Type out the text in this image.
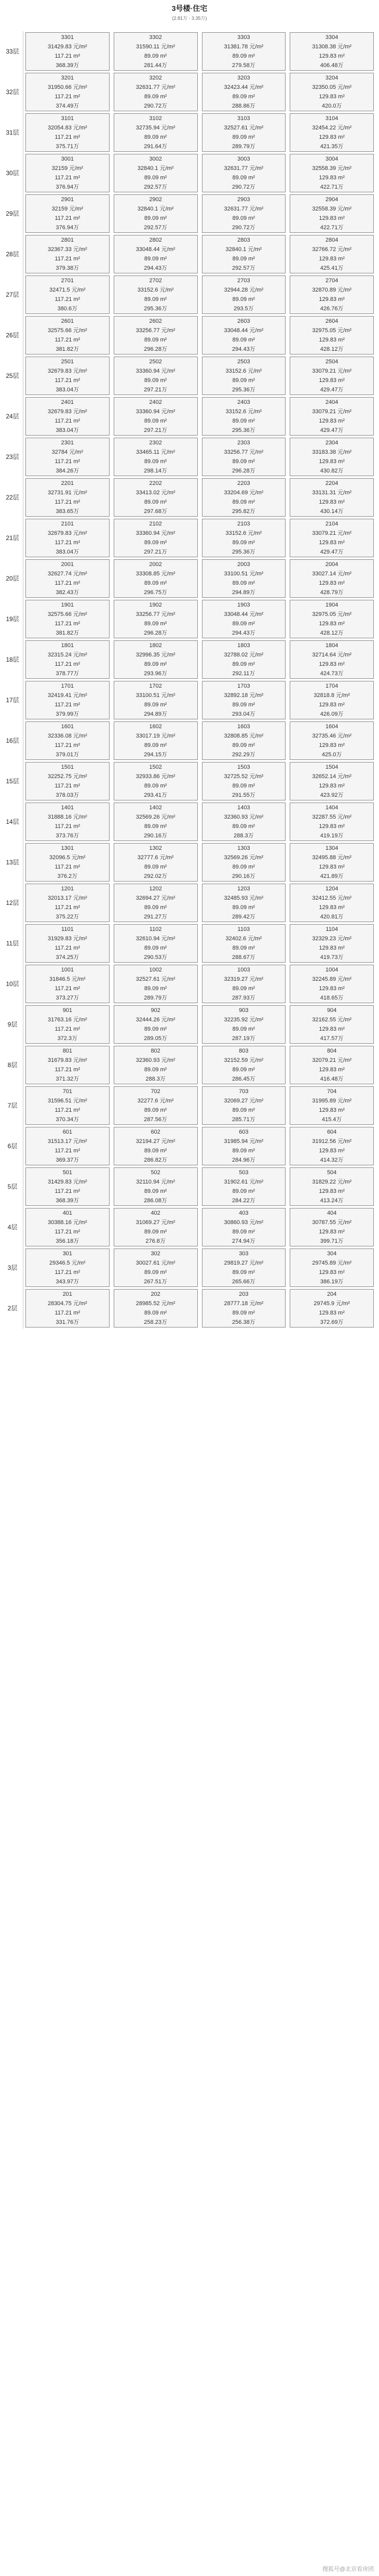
3号楼·住宅
(2.81万 - 3.35万)
33层
3301
31429.83 元/m²
117.21 m²
368.39万
3302
31590.11 元/m²
89.09 m²
281.44万
3303
31381.78 元/m²
89.09 m²
279.58万
3304
31308.38 元/m²
129.83 m²
406.48万
32层
3201
31950.66 元/m²
117.21 m²
374.49万
3202
32631.77 元/m²
89.09 m²
290.72万
3203
32423.44 元/m²
89.09 m²
288.86万
3204
32350.05 元/m²
129.83 m²
420.0万
31层
3101
32054.83 元/m²
117.21 m²
375.71万
3102
32735.94 元/m²
89.09 m²
291.64万
3103
32527.61 元/m²
89.09 m²
289.79万
3104
32454.22 元/m²
129.83 m²
421.35万
30层
3001
32159 元/m²
117.21 m²
376.94万
3002
32840.1 元/m²
89.09 m²
292.57万
3003
32631.77 元/m²
89.09 m²
290.72万
3004
32558.39 元/m²
129.83 m²
422.71万
29层
2901
32159 元/m²
117.21 m²
376.94万
2902
32840.1 元/m²
89.09 m²
292.57万
2903
32631.77 元/m²
89.09 m²
290.72万
2904
32558.39 元/m²
129.83 m²
422.71万
28层
2801
32367.33 元/m²
117.21 m²
379.38万
2802
33048.44 元/m²
89.09 m²
294.43万
2803
32840.1 元/m²
89.09 m²
292.57万
2804
32766.72 元/m²
129.83 m²
425.41万
27层
2701
32471.5 元/m²
117.21 m²
380.6万
2702
33152.6 元/m²
89.09 m²
295.36万
2703
32944.28 元/m²
89.09 m²
293.5万
2704
32870.89 元/m²
129.83 m²
426.76万
26层
2601
32575.66 元/m²
117.21 m²
381.82万
2602
33256.77 元/m²
89.09 m²
296.28万
2603
33048.44 元/m²
89.09 m²
294.43万
2604
32975.05 元/m²
129.83 m²
428.12万
25层
2501
32679.83 元/m²
117.21 m²
383.04万
2502
33360.94 元/m²
89.09 m²
297.21万
2503
33152.6 元/m²
89.09 m²
295.36万
2504
33079.21 元/m²
129.83 m²
429.47万
24层
2401
32679.83 元/m²
117.21 m²
383.04万
2402
33360.94 元/m²
89.09 m²
297.21万
2403
33152.6 元/m²
89.09 m²
295.36万
2404
33079.21 元/m²
129.83 m²
429.47万
23层
2301
32784 元/m²
117.21 m²
384.26万
2302
33465.11 元/m²
89.09 m²
298.14万
2303
33256.77 元/m²
89.09 m²
296.28万
2304
33183.38 元/m²
129.83 m²
430.82万
22层
2201
32731.91 元/m²
117.21 m²
383.65万
2202
33413.02 元/m²
89.09 m²
297.68万
2203
33204.69 元/m²
89.09 m²
295.82万
2204
33131.31 元/m²
129.83 m²
430.14万
21层
2101
32679.83 元/m²
117.21 m²
383.04万
2102
33360.94 元/m²
89.09 m²
297.21万
2103
33152.6 元/m²
89.09 m²
295.36万
2104
33079.21 元/m²
129.83 m²
429.47万
20层
2001
32627.74 元/m²
117.21 m²
382.43万
2002
33308.85 元/m²
89.09 m²
296.75万
2003
33100.51 元/m²
89.09 m²
294.89万
2004
33027.14 元/m²
129.83 m²
428.79万
19层
1901
32575.66 元/m²
117.21 m²
381.82万
1902
33256.77 元/m²
89.09 m²
296.28万
1903
33048.44 元/m²
89.09 m²
294.43万
1904
32975.05 元/m²
129.83 m²
428.12万
18层
1801
32315.24 元/m²
117.21 m²
378.77万
1802
32996.35 元/m²
89.09 m²
293.96万
1803
32788.02 元/m²
89.09 m²
292.11万
1804
32714.64 元/m²
129.83 m²
424.73万
17层
1701
32419.41 元/m²
117.21 m²
379.99万
1702
33100.51 元/m²
89.09 m²
294.89万
1703
32892.18 元/m²
89.09 m²
293.04万
1704
32818.8 元/m²
129.83 m²
426.09万
16层
1601
32336.08 元/m²
117.21 m²
379.01万
1602
33017.19 元/m²
89.09 m²
294.15万
1603
32808.85 元/m²
89.09 m²
292.29万
1604
32735.46 元/m²
129.83 m²
425.0万
15层
1501
32252.75 元/m²
117.21 m²
378.03万
1502
32933.86 元/m²
89.09 m²
293.41万
1503
32725.52 元/m²
89.09 m²
291.55万
1504
32652.14 元/m²
129.83 m²
423.92万
14层
1401
31888.16 元/m²
117.21 m²
373.76万
1402
32569.26 元/m²
89.09 m²
290.16万
1403
32360.93 元/m²
89.09 m²
288.3万
1404
32287.55 元/m²
129.83 m²
419.19万
13层
1301
32096.5 元/m²
117.21 m²
376.2万
1302
32777.6 元/m²
89.09 m²
292.02万
1303
32569.26 元/m²
89.09 m²
290.16万
1304
32495.88 元/m²
129.83 m²
421.89万
12层
1201
32013.17 元/m²
117.21 m²
375.22万
1202
32694.27 元/m²
89.09 m²
291.27万
1203
32485.93 元/m²
89.09 m²
289.42万
1204
32412.55 元/m²
129.83 m²
420.81万
11层
1101
31929.83 元/m²
117.21 m²
374.25万
1102
32610.94 元/m²
89.09 m²
290.53万
1103
32402.6 元/m²
89.09 m²
288.67万
1104
32329.23 元/m²
129.83 m²
419.73万
10层
1001
31846.5 元/m²
117.21 m²
373.27万
1002
32527.61 元/m²
89.09 m²
289.79万
1003
32319.27 元/m²
89.09 m²
287.93万
1004
32245.89 元/m²
129.83 m²
418.65万
9层
901
31763.16 元/m²
117.21 m²
372.3万
902
32444.26 元/m²
89.09 m²
289.05万
903
32235.92 元/m²
89.09 m²
287.19万
904
32162.55 元/m²
129.83 m²
417.57万
8层
801
31679.83 元/m²
117.21 m²
371.32万
802
32360.93 元/m²
89.09 m²
288.3万
803
32152.59 元/m²
89.09 m²
286.45万
804
32079.21 元/m²
129.83 m²
416.48万
7层
701
31596.51 元/m²
117.21 m²
370.34万
702
32277.6 元/m²
89.09 m²
287.56万
703
32069.27 元/m²
89.09 m²
285.71万
704
31995.89 元/m²
129.83 m²
415.4万
6层
601
31513.17 元/m²
117.21 m²
369.37万
602
32194.27 元/m²
89.09 m²
286.82万
603
31985.94 元/m²
89.09 m²
284.96万
604
31912.56 元/m²
129.83 m²
414.32万
5层
501
31429.83 元/m²
117.21 m²
368.39万
502
32110.94 元/m²
89.09 m²
286.08万
503
31902.61 元/m²
89.09 m²
284.22万
504
31829.22 元/m²
129.83 m²
413.24万
4层
401
30388.16 元/m²
117.21 m²
356.18万
402
31069.27 元/m²
89.09 m²
276.8万
403
30860.93 元/m²
89.09 m²
274.94万
404
30787.55 元/m²
129.83 m²
399.71万
3层
301
29346.5 元/m²
117.21 m²
343.97万
302
30027.61 元/m²
89.09 m²
267.51万
303
29819.27 元/m²
89.09 m²
265.66万
304
29745.89 元/m²
129.83 m²
386.19万
2层
201
28304.75 元/m²
117.21 m²
331.76万
202
28985.52 元/m²
89.09 m²
258.23万
203
28777.18 元/m²
89.09 m²
256.38万
204
29745.9 元/m²
129.83 m²
372.69万
搜狐号@北京看房团
